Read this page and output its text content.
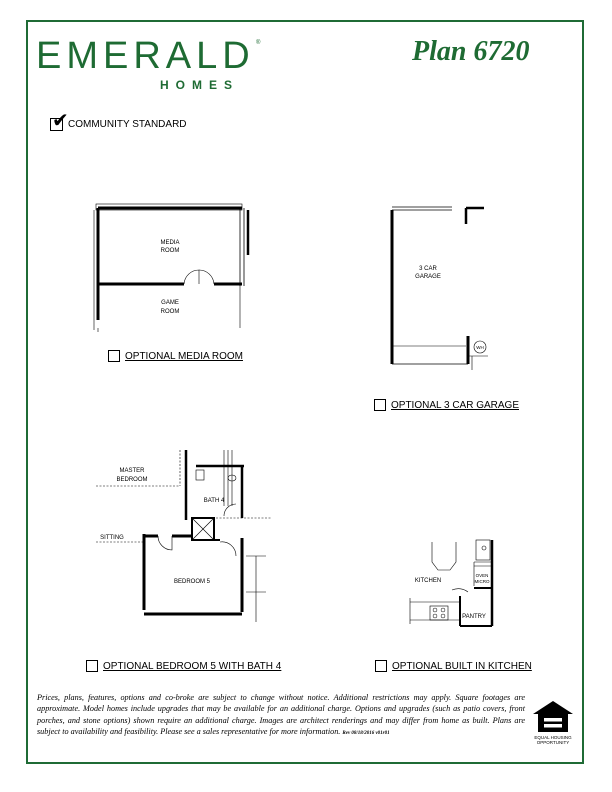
EMERALD ®
HOMES
Plan 6720
✔ COMMUNITY STANDARD
MEDIA
ROOM
GAME
ROOM
OPTIONAL MEDIA ROOM
3 CAR
GARAGE
WH
OPTIONAL 3 CAR GARAGE
MASTER
BEDROOM
BATH 4
SITTING
BEDROOM 5
OPTIONAL BEDROOM 5 WITH BATH 4
KITCHEN
OVEN
MICRO
PANTRY
OPTIONAL BUILT IN KITCHEN
Prices, plans, features, options and co-broke are subject to change without notice. Additional restrictions may apply. Square footages are approximate. Model homes include upgrades that may be available for an additional charge. Options and upgrades (such as patio covers, front porches, and stone options) shown require an additional charge. Images are architect renderings and may differ from home as built. Plans are subject to availability and feasibility. Please see a sales representative for more information. Rev 08/18/2016 v01r01
EQUAL HOUSING
OPPORTUNITY
